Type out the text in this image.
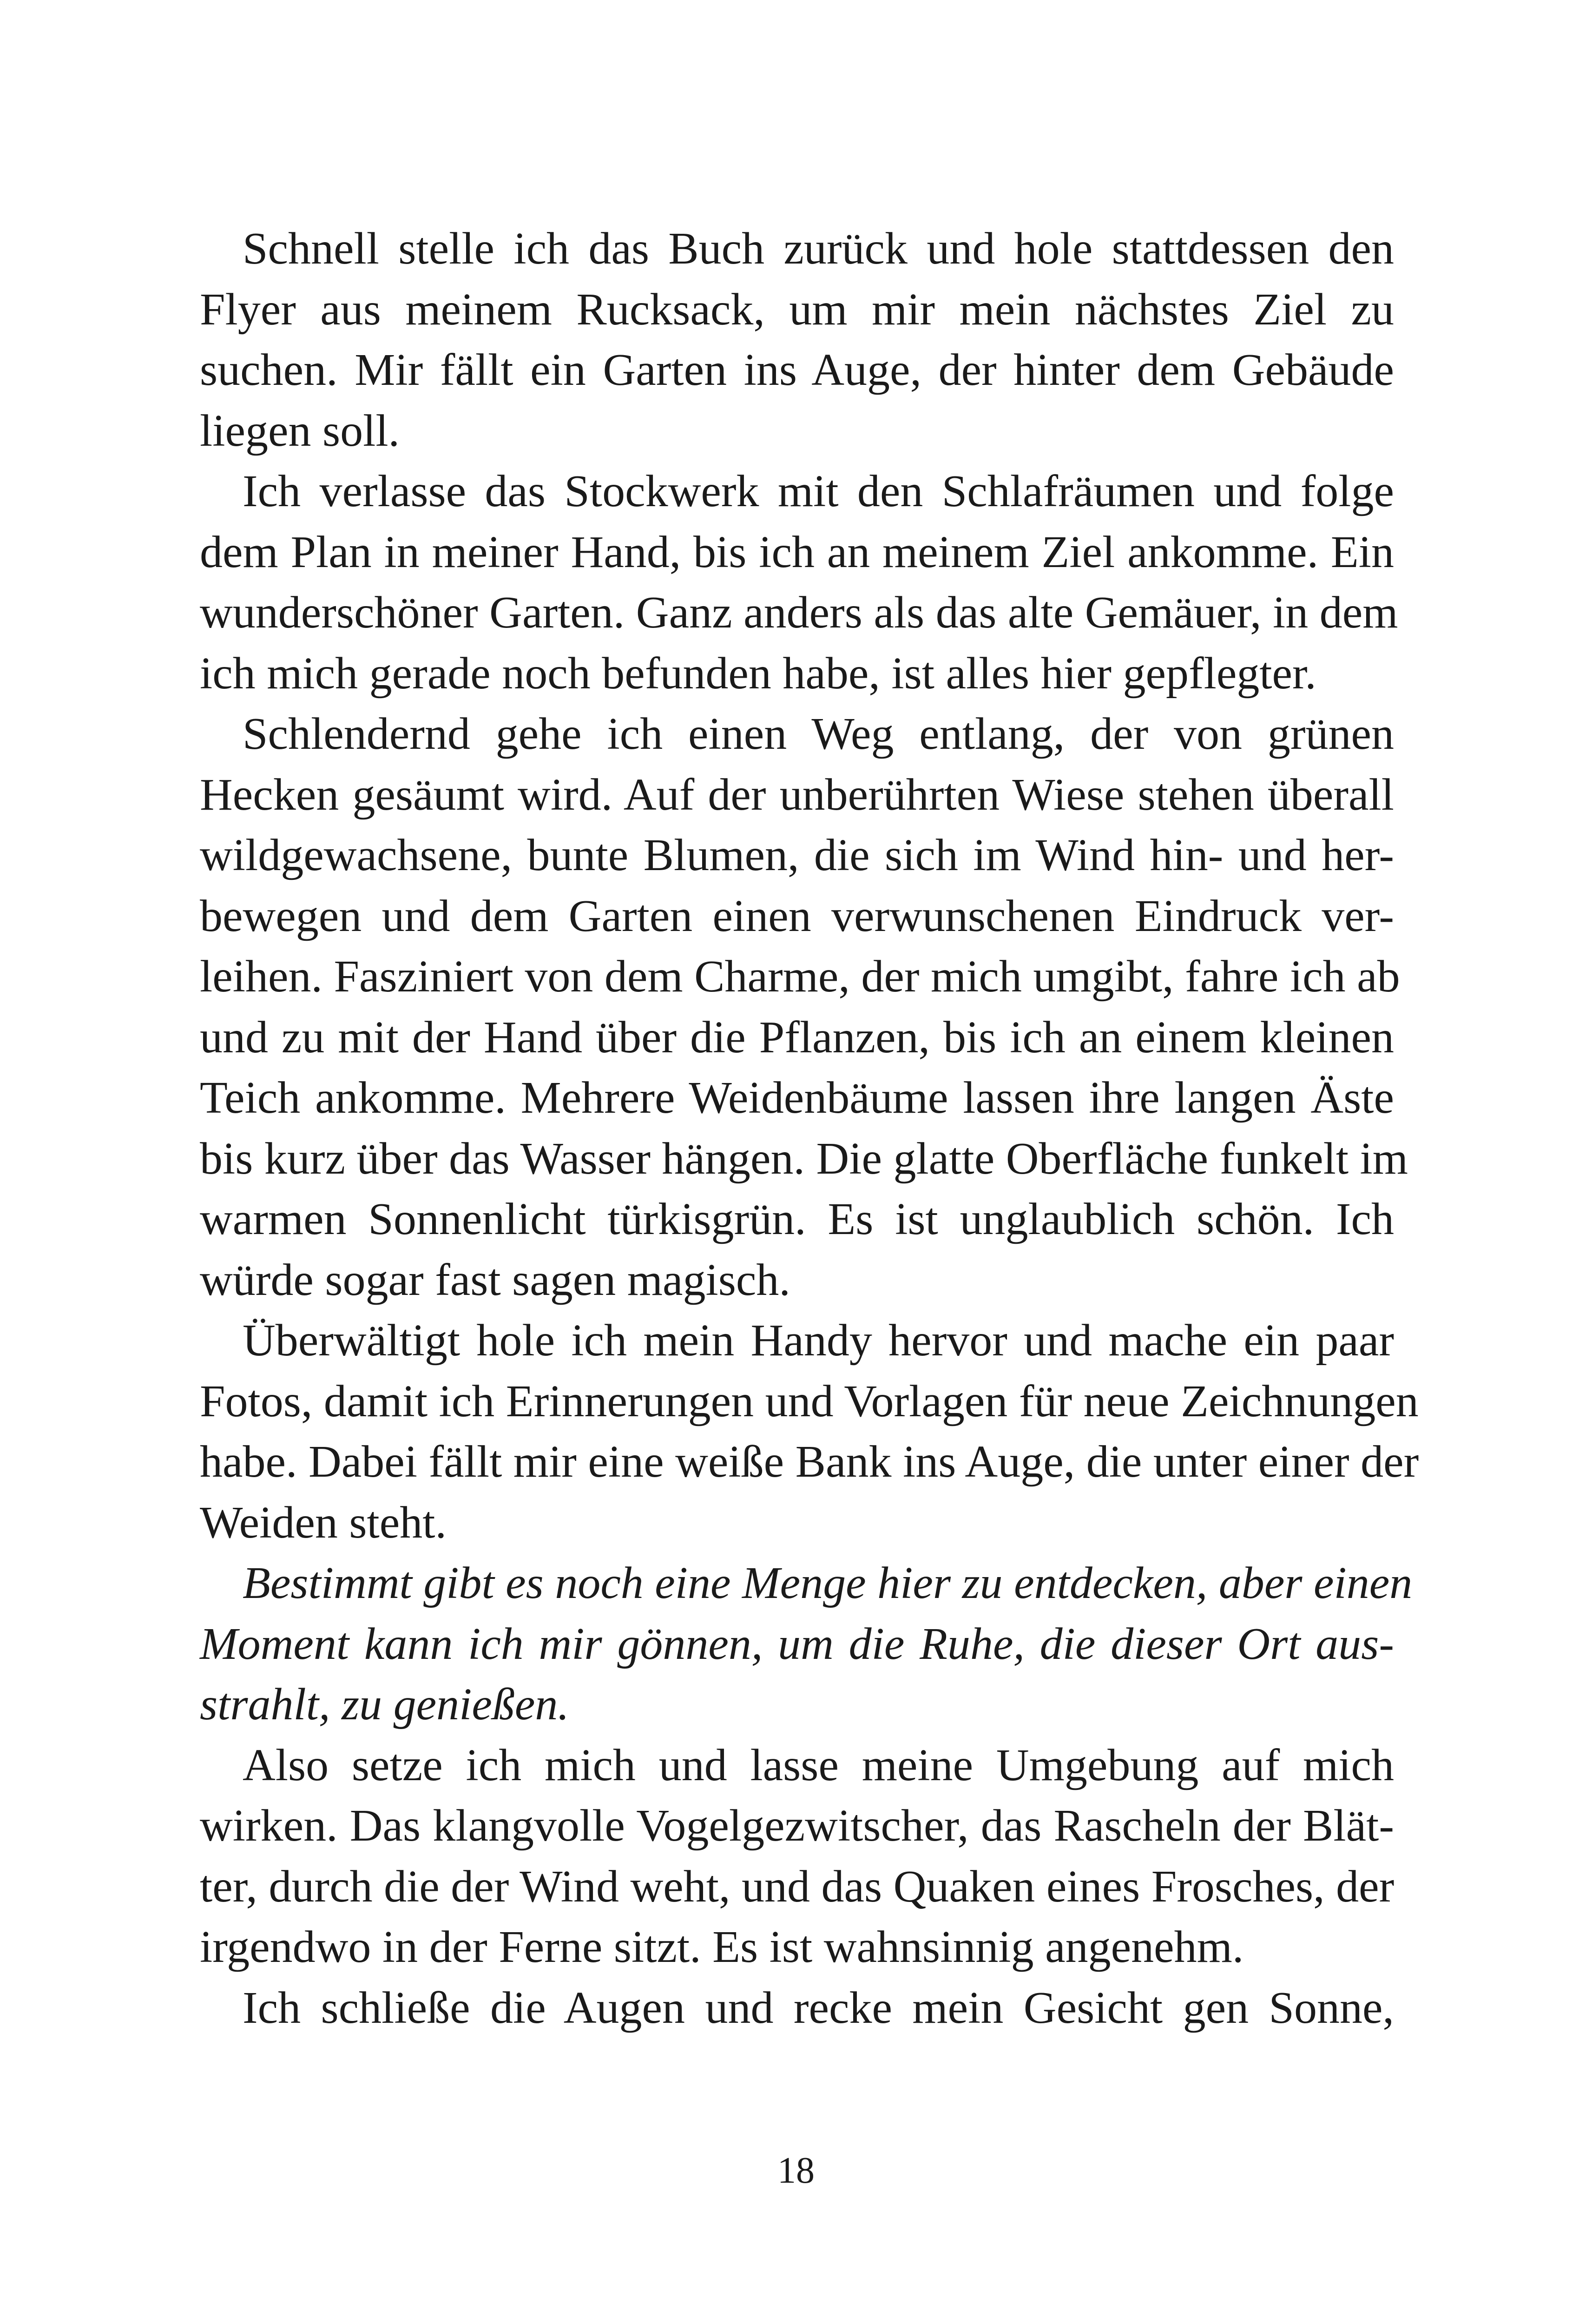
Schnell stelle ich das Buch zurück und hole stattdessen den
Flyer aus meinem Rucksack, um mir mein nächstes Ziel zu
suchen. Mir fällt ein Garten ins Auge, der hinter dem Gebäude
liegen soll.
Ich verlasse das Stockwerk mit den Schlafräumen und folge
dem Plan in meiner Hand, bis ich an meinem Ziel ankomme. Ein
wunderschöner Garten. Ganz anders als das alte Gemäuer, in dem
ich mich gerade noch befunden habe, ist alles hier gepflegter.
Schlendernd gehe ich einen Weg entlang, der von grünen
Hecken gesäumt wird. Auf der unberührten Wiese stehen überall
wildgewachsene, bunte Blumen, die sich im Wind hin- und her-
bewegen und dem Garten einen verwunschenen Eindruck ver-
leihen. Fasziniert von dem Charme, der mich umgibt, fahre ich ab
und zu mit der Hand über die Pflanzen, bis ich an einem kleinen
Teich ankomme. Mehrere Weidenbäume lassen ihre langen Äste
bis kurz über das Wasser hängen. Die glatte Oberfläche funkelt im
warmen Sonnenlicht türkisgrün. Es ist unglaublich schön. Ich
würde sogar fast sagen magisch.
Überwältigt hole ich mein Handy hervor und mache ein paar
Fotos, damit ich Erinnerungen und Vorlagen für neue Zeichnungen
habe. Dabei fällt mir eine weiße Bank ins Auge, die unter einer der
Weiden steht.
Bestimmt gibt es noch eine Menge hier zu entdecken, aber einen
Moment kann ich mir gönnen, um die Ruhe, die dieser Ort aus-
strahlt, zu genießen.
Also setze ich mich und lasse meine Umgebung auf mich
wirken. Das klangvolle Vogelgezwitscher, das Rascheln der Blät-
ter, durch die der Wind weht, und das Quaken eines Frosches, der
irgendwo in der Ferne sitzt. Es ist wahnsinnig angenehm.
Ich schließe die Augen und recke mein Gesicht gen Sonne,
18
